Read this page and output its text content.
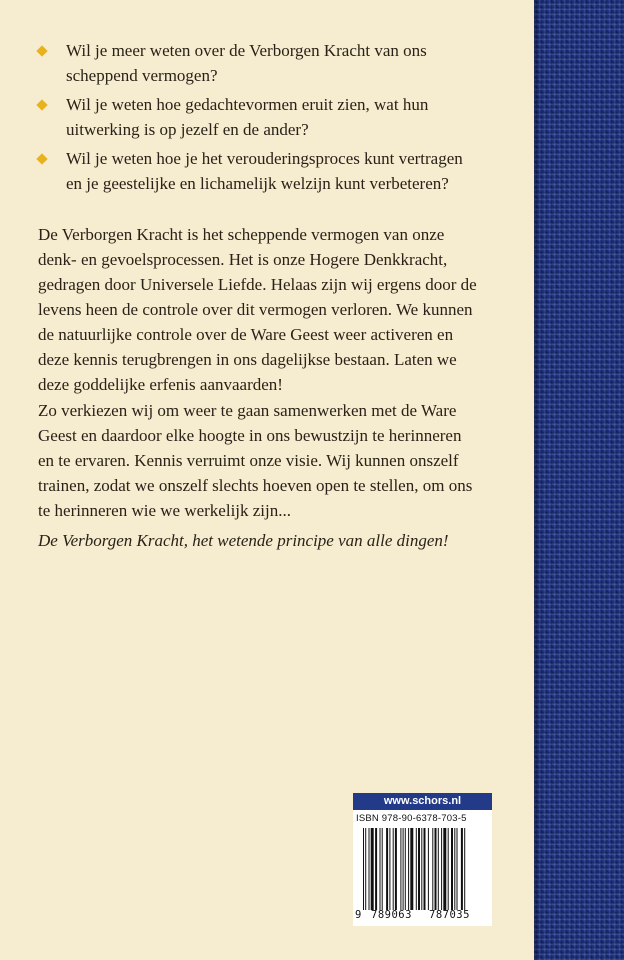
Wil je meer weten over de Verborgen Kracht van ons
scheppend vermogen?
Wil je weten hoe gedachtevormen eruit zien, wat hun
uitwerking is op jezelf en de ander?
Wil je weten hoe je het verouderingsproces kunt vertragen
en je geestelijke en lichamelijk welzijn kunt verbeteren?
De Verborgen Kracht is het scheppende vermogen van onze
denk- en gevoelsprocessen. Het is onze Hogere Denkkracht,
gedragen door Universele Liefde. Helaas zijn wij ergens door de
levens heen de controle over dit vermogen verloren. We kunnen
de natuurlijke controle over de Ware Geest weer activeren en
deze kennis terugbrengen in ons dagelijkse bestaan. Laten we
deze goddelijke erfenis aanvaarden!
Zo verkiezen wij om weer te gaan samenwerken met de Ware
Geest en daardoor elke hoogte in ons bewustzijn te herinneren
en te ervaren. Kennis verruimt onze visie. Wij kunnen onszelf
trainen, zodat we onszelf slechts hoeven open te stellen, om ons
te herinneren wie we werkelijk zijn...
De Verborgen Kracht, het wetende principe van alle dingen!
www.schors.nl
ISBN 978-90-6378-703-5
9 789063 787035
